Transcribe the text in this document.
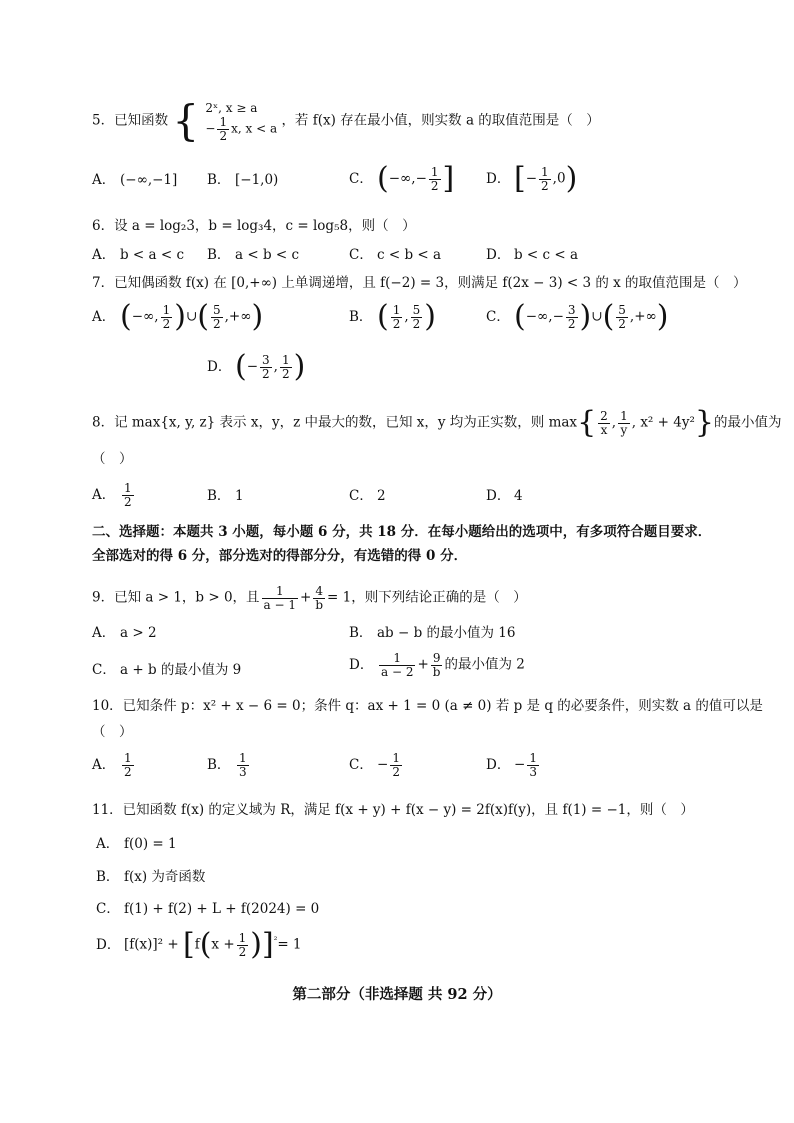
5．已知函数 { 2ˣ, x ≥ a
− $\frac{1}{2} x$, x < a
，若 f(x) 存在最小值，则实数 a 的取值范围是（　）
A． (−∞,−1] B． [−1,0)	C． (−∞,− $\frac{1}{2}$ ] D． [− $\frac{1}{2} ,0$)
6．设 a = log₂3，b = log₃4，c = log₅8，则（　）
A． b < a < c B． a < b < c	C． c < b < a	D． b < c < a
7．已知偶函数 f(x) 在 [0,+∞) 上单调递增，且 f(−2) = 3，则满足 f(2x − 3) < 3 的 x 的取值范围是（　）
A． (−∞, $\frac{1}{2}$ )∪( $\frac{5}{2}$ ,+∞)	B． ( $\frac{1}{2}$ , $\frac{5}{2}$ )	C． (−∞,− $\frac{3}{2}$ )∪( $\frac{5}{2}$ ,+∞)
D． (− $\frac{3}{2}$ , $\frac{1}{2}$ )
8．记 max{x, y, z} 表示 x，y，z 中最大的数，已知 x，y 均为正实数，则 $\max\{ \frac{2}{x}$ , $\frac{1}{y}$ , x² + 4y²}的最小值为
（　）
A． $\frac{1}{2}$	B． 1	C． 2	D． 4
二、选择题：本题共 3 小题，每小题 6 分，共 18 分．在每小题给出的选项中，有多项符合题目要求．全部选对的得 6 分，部分选对的得部分分，有选错的得 0 分．
9．已知 a > 1，b > 0，且 $\frac{1}{a - 1} + \frac{4}{b} = 1$，则下列结论正确的是（　）
A． a > 2	B． ab − b 的最小值为 16
C． a + b 的最小值为 9	D． $\frac{1}{a - 2} + \frac{9}{b}$ 的最小值为 2
10．已知条件 p：x² + x − 6 = 0；条件 q：ax + 1 = 0 (a ≠ 0) 若 p 是 q 的必要条件，则实数 a 的值可以是
（　）
A． $\frac{1}{2}$	B． $\frac{1}{3}$	C． − $\frac{1}{2}$	D． − $\frac{1}{3}$
11．已知函数 f(x) 的定义域为 R，满足 f(x + y) + f(x − y) = 2f(x)f(y)，且 f(1) = −1，则（　）
A． f(0) = 1
B． f(x) 为奇函数
C． f(1) + f(2) + L + f(2024) = 0
D． $[f(x)]^2 + [f(x + \frac{1}{2} )]^{^2}= 1$
第二部分（非选择题 共 92 分）
